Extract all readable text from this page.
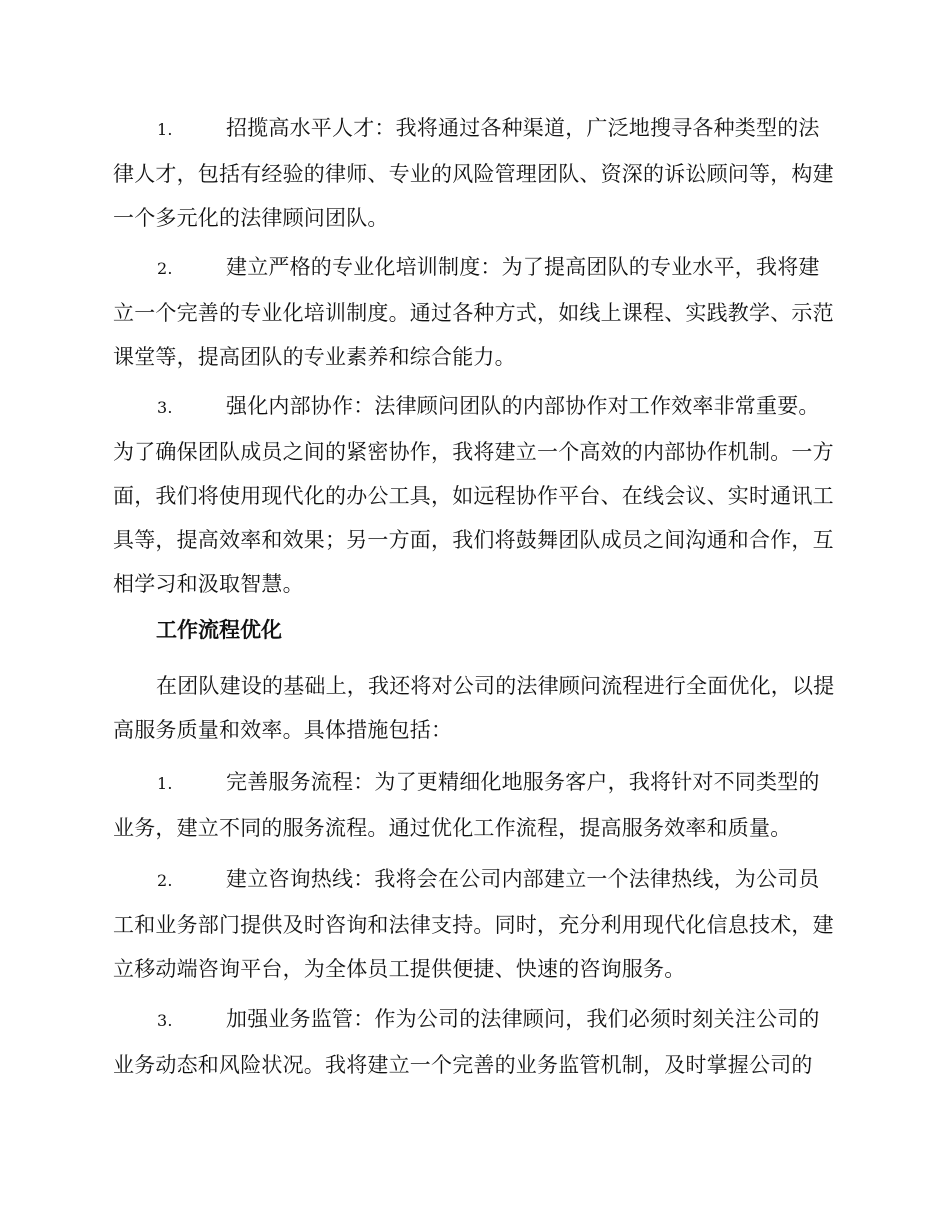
1.	招揽高水平人才：我将通过各种渠道，广泛地搜寻各种类型的法律人才，包括有经验的律师、专业的风险管理团队、资深的诉讼顾问等，构建一个多元化的法律顾问团队。

2.	建立严格的专业化培训制度：为了提高团队的专业水平，我将建立一个完善的专业化培训制度。通过各种方式，如线上课程、实践教学、示范课堂等，提高团队的专业素养和综合能力。

3.	强化内部协作：法律顾问团队的内部协作对工作效率非常重要。为了确保团队成员之间的紧密协作，我将建立一个高效的内部协作机制。一方面，我们将使用现代化的办公工具，如远程协作平台、在线会议、实时通讯工具等，提高效率和效果；另一方面，我们将鼓舞团队成员之间沟通和合作，互相学习和汲取智慧。

工作流程优化

在团队建设的基础上，我还将对公司的法律顾问流程进行全面优化，以提高服务质量和效率。具体措施包括：

1.	完善服务流程：为了更精细化地服务客户，我将针对不同类型的业务，建立不同的服务流程。通过优化工作流程，提高服务效率和质量。

2.	建立咨询热线：我将会在公司内部建立一个法律热线，为公司员工和业务部门提供及时咨询和法律支持。同时，充分利用现代化信息技术，建立移动端咨询平台，为全体员工提供便捷、快速的咨询服务。

3.	加强业务监管：作为公司的法律顾问，我们必须时刻关注公司的业务动态和风险状况。我将建立一个完善的业务监管机制，及时掌握公司的
